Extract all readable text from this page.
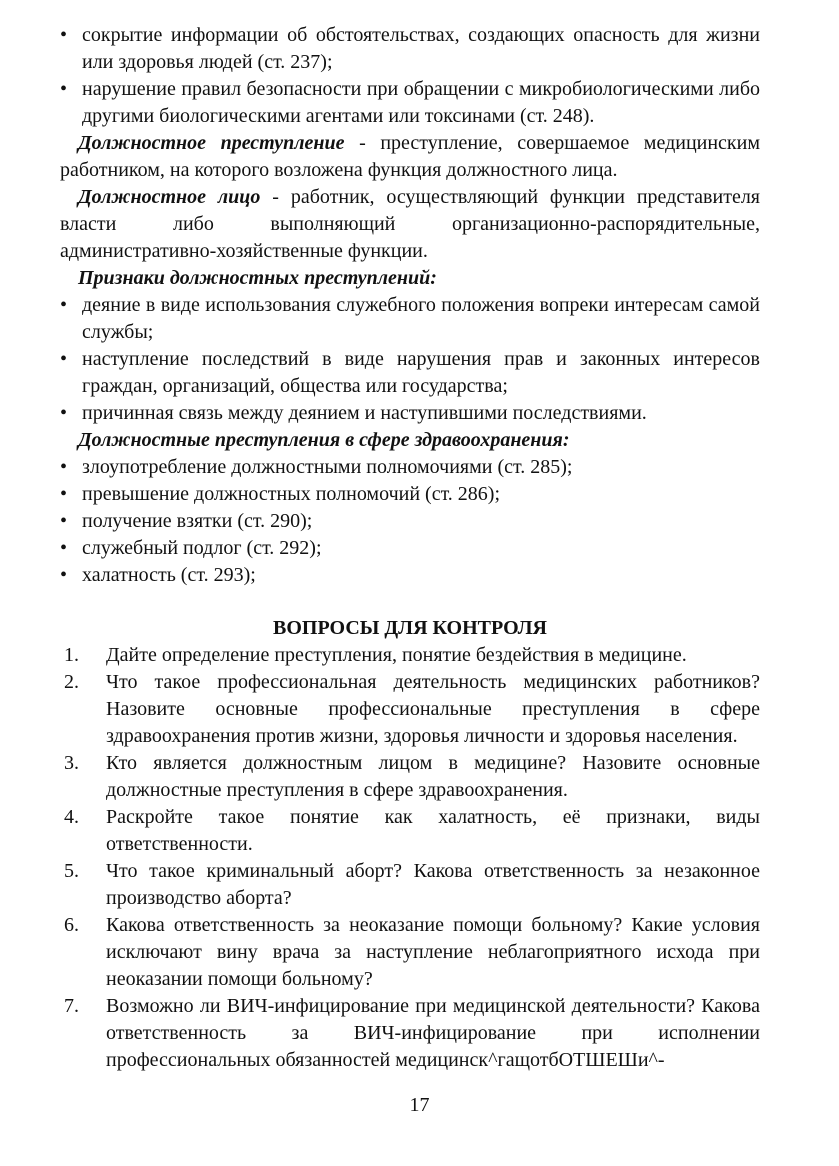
• сокрытие информации об обстоятельствах, создающих опасность для жизни или здоровья людей (ст. 237);
• нарушение правил безопасности при обращении с микробиологическими либо другими биологическими агентами или токсинами (ст. 248).
Должностное преступление - преступление, совершаемое медицинским работником, на которого возложена функция должностного лица.
Должностное лицо - работник, осуществляющий функции представителя власти либо выполняющий организационно-распорядительные, административно-хозяйственные функции.
Признаки должностных преступлений:
• деяние в виде использования служебного положения вопреки интересам самой службы;
• наступление последствий в виде нарушения прав и законных интересов граждан, организаций, общества или государства;
• причинная связь между деянием и наступившими последствиями.
Должностные преступления в сфере здравоохранения:
• злоупотребление должностными полномочиями (ст. 285);
• превышение должностных полномочий (ст. 286);
• получение взятки (ст. 290);
• служебный подлог (ст. 292);
• халатность (ст. 293);
ВОПРОСЫ ДЛЯ КОНТРОЛЯ
1.	Дайте определение преступления, понятие бездействия в медицине.
2.	Что такое профессиональная деятельность медицинских работников? Назовите основные профессиональные преступления в сфере здравоохранения против жизни, здоровья личности и здоровья населения.
3.	Кто является должностным лицом в медицине? Назовите основные должностные преступления в сфере здравоохранения.
4.	Раскройте такое понятие как халатность, её признаки, виды ответственности.
5.	Что такое криминальный аборт? Какова ответственность за незаконное производство аборта?
6.	Какова ответственность за неоказание помощи больному? Какие условия исключают вину врача за наступление неблагоприятного исхода при неоказании помощи больному?
7.	Возможно ли ВИЧ-инфицирование при медицинской деятельности? Какова ответственность за ВИЧ-инфицирование при исполнении профессиональных обязанностей медицинск^гащотбОТШЕШи^-
17
